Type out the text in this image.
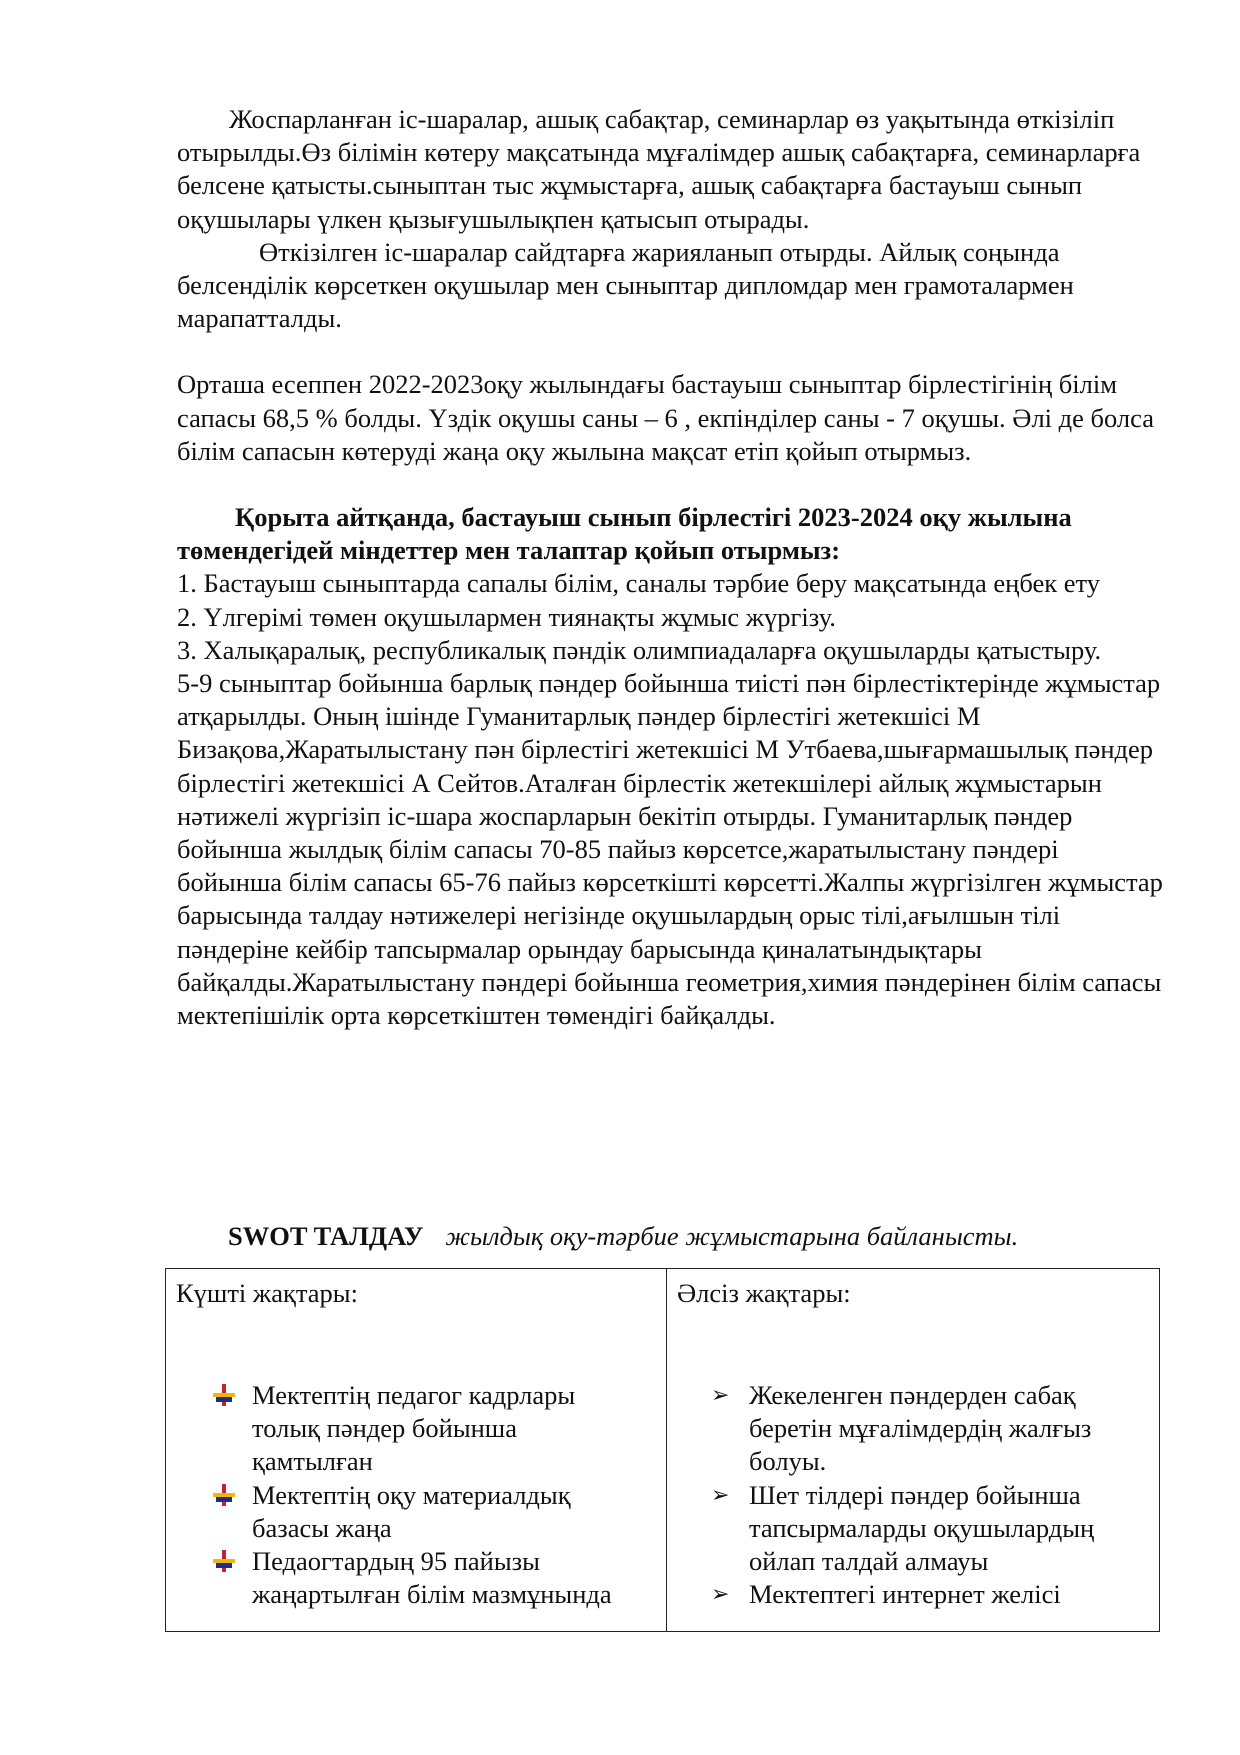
Жоспарланған іс-шаралар, ашық сабақтар, семинарлар өз уақытында өткізіліп отырылды.Өз білімін көтеру мақсатында мұғалімдер ашық сабақтарға, семинарларға белсене қатысты.сыныптан тыс жұмыстарға, ашық сабақтарға бастауыш сынып оқушылары үлкен қызығушылықпен қатысып отырады.

Өткізілген іс-шаралар сайдтарға жарияланып отырды. Айлық соңында белсенділік көрсеткен оқушылар мен сыныптар дипломдар мен грамоталармен марапатталды.

Орташа есеппен 2022-2023оқу жылындағы бастауыш сыныптар бірлестігінің білім сапасы 68,5 % болды. Үздік оқушы саны – 6 , екпінділер саны - 7 оқушы. Әлі де болса білім сапасын көтеруді жаңа оқу жылына мақсат етіп қойып отырмыз.

Қорыта айтқанда, бастауыш сынып бірлестігі 2023-2024 оқу жылына төмендегідей міндеттер мен талаптар қойып отырмыз:

1. Бастауыш сыныптарда сапалы білім, саналы тәрбие беру мақсатында еңбек ету

2. Үлгерімі төмен оқушылармен тиянақты жұмыс жүргізу.

3. Халықаралық, республикалық пәндік олимпиадаларға оқушыларды қатыстыру.

5-9 сыныптар бойынша барлық пәндер бойынша тиісті пән бірлестіктерінде жұмыстар атқарылды. Оның ішінде Гуманитарлық пәндер бірлестігі жетекшісі М Бизақова,Жаратылыстану пән бірлестігі жетекшісі М Утбаева,шығармашылық пәндер бірлестігі жетекшісі А Сейтов.Аталған бірлестік жетекшілері айлық жұмыстарын нәтижелі жүргізіп іс-шара жоспарларын бекітіп отырды. Гуманитарлық пәндер бойынша жылдық білім сапасы 70-85 пайыз көрсетсе,жаратылыстану пәндері бойынша білім сапасы 65-76 пайыз көрсеткішті көрсетті.Жалпы жүргізілген жұмыстар барысында талдау нәтижелері негізінде оқушылардың орыс тілі,ағылшын тілі пәндеріне кейбір тапсырмалар орындау барысында қиналатындықтары байқалды.Жаратылыстану пәндері бойынша геометрия,химия пәндерінен білім сапасы мектепішілік орта көрсеткіштен төмендігі байқалды.

SWOT ТАЛДАУ жылдық оқу-тәрбие жұмыстарына байланысты.
Күшті жақтары:
Мектептің педагог кадрлары толық пәндер бойынша қамтылған
Мектептің оқу материалдық базасы жаңа
Педаогтардың 95 пайызы жаңартылған білім мазмұнында
Әлсіз жақтары:
➢ Жекеленген пәндерден сабақ беретін мұғалімдердің жалғыз болуы.
➢ Шет тілдері пәндер бойынша тапсырмаларды оқушылардың ойлап талдай алмауы
➢ Мектептегі интернет желісі
